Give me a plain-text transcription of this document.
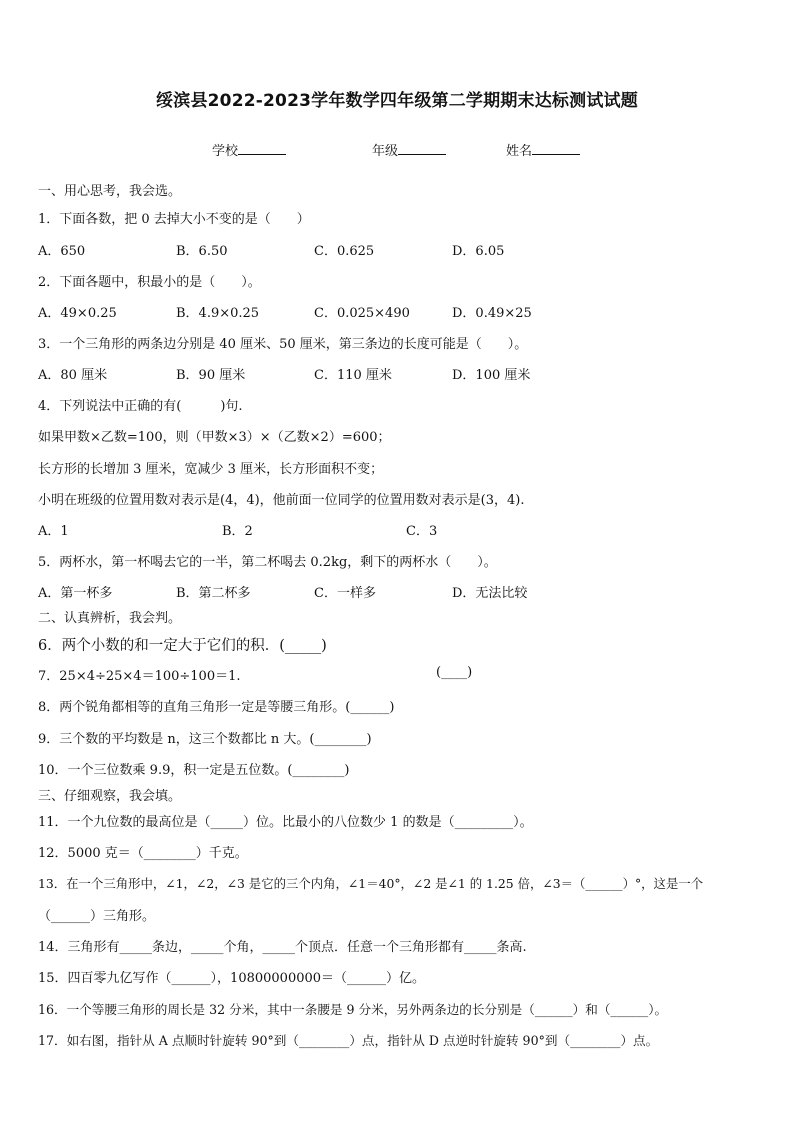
绥滨县2022-2023学年数学四年级第二学期期末达标测试试题
学校	年级	姓名
一、用心思考，我会选。
1．下面各数，把 0 去掉大小不变的是（　　）
A．650	B．6.50	C．0.625	D．6.05
2．下面各题中，积最小的是（　　）。
A．49×0.25	B．4.9×0.25	C．0.025×490	D．0.49×25
3．一个三角形的两条边分别是 40 厘米、50 厘米，第三条边的长度可能是（　　）。
A．80 厘米	B．90 厘米	C．110 厘米	D．100 厘米
4．下列说法中正确的有(　　　)句.
如果甲数×乙数=100，则（甲数×3）×（乙数×2）=600；
长方形的长增加 3 厘米，宽减少 3 厘米，长方形面积不变；
小明在班级的位置用数对表示是(4，4)，他前面一位同学的位置用数对表示是(3，4).
A．1	B．2	C．3
5．两杯水，第一杯喝去它的一半，第二杯喝去 0.2kg，剩下的两杯水（　　）。
A．第一杯多	B．第二杯多	C．一样多	D．无法比较
二、认真辨析，我会判。
6．两个小数的和一定大于它们的积．(_____)
7．25×4÷25×4＝100÷100＝1.	(____)
8．两个锐角都相等的直角三角形一定是等腰三角形。(______)
9．三个数的平均数是 n，这三个数都比 n 大。(________)
10．一个三位数乘 9.9，积一定是五位数。(________)
三、仔细观察，我会填。
11．一个九位数的最高位是（_____）位。比最小的八位数少 1 的数是（_________）。
12．5000 克＝（________）千克。
13．在一个三角形中，∠1，∠2，∠3 是它的三个内角，∠1＝40°，∠2 是∠1 的 1.25 倍，∠3＝（______）°，这是一个
（______）三角形。
14．三角形有_____条边，_____个角，_____个顶点．任意一个三角形都有_____条高.
15．四百零九亿写作（______），10800000000＝（______）亿。
16．一个等腰三角形的周长是 32 分米，其中一条腰是 9 分米，另外两条边的长分别是（______）和（______）。
17．如右图，指针从 A 点顺时针旋转 90°到（________）点，指针从 D 点逆时针旋转 90°到（________）点。
